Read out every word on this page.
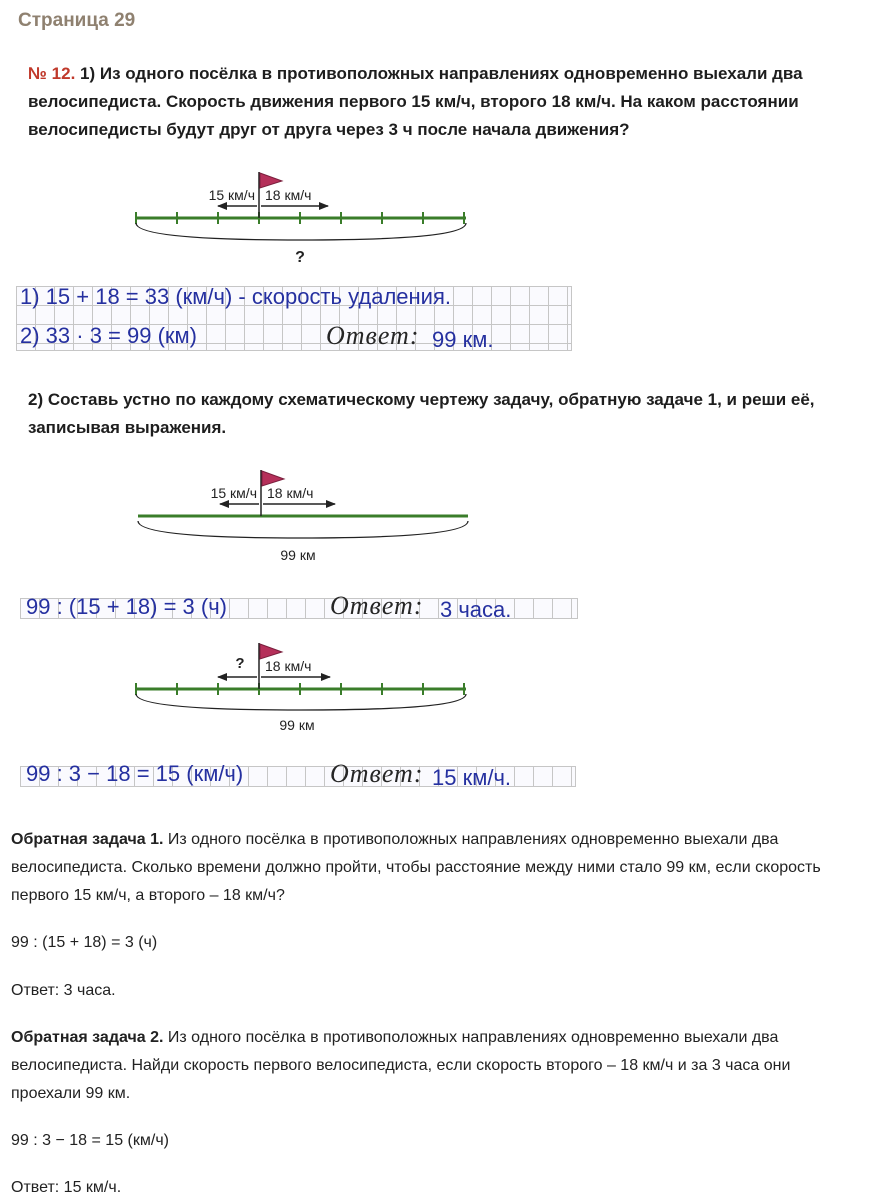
Страница 29
№ 12. 1) Из одного посёлка в противоположных направлениях одновременно выехали два велосипедиста. Скорость движения первого 15 км/ч, второго 18 км/ч. На каком расстоянии велосипедисты будут друг от друга через 3 ч после начала движения?
15 км/ч 18 км/ч
?
15 км/ч 18 км/ч
99 км
? 18 км/ч
99 км
1) 15 + 18 = 33 (км/ч) - скорость удаления.
2) 33 · 3 = 99 (км)	Ответ: 99 км.
2) Составь устно по каждому схематическому чертежу задачу, обратную задаче 1, и реши её, записывая выражения.
99 : (15 + 18) = 3 (ч)	Ответ: 3 часа.
99 : 3 − 18 = 15 (км/ч)	Ответ: 15 км/ч.
Обратная задача 1. Из одного посёлка в противоположных направлениях одновременно выехали два велосипедиста. Сколько времени должно пройти, чтобы расстояние между ними стало 99 км, если скорость первого 15 км/ч, а второго – 18 км/ч?
99 : (15 + 18) = 3 (ч)
Ответ: 3 часа.
Обратная задача 2. Из одного посёлка в противоположных направлениях одновременно выехали два велосипедиста. Найди скорость первого велосипедиста, если скорость второго – 18 км/ч и за 3 часа они проехали 99 км.
99 : 3 − 18 = 15 (км/ч)
Ответ: 15 км/ч.
